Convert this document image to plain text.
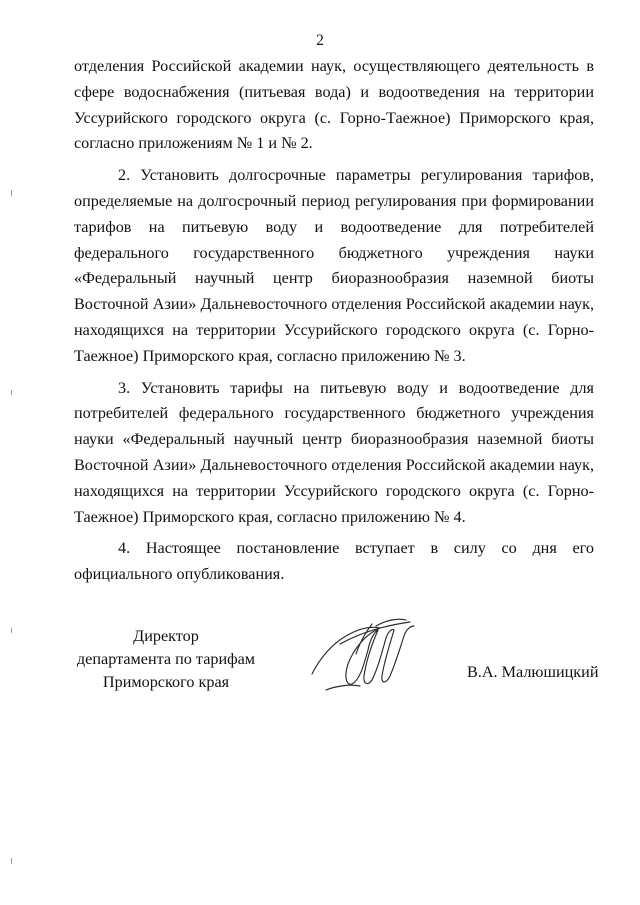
2

отделения Российской академии наук, осуществляющего деятельность в сфере водоснабжения (питьевая вода) и водоотведения на территории Уссурийского городского округа (с. Горно-Таежное) Приморского края, согласно приложениям № 1 и № 2.

2. Установить долгосрочные параметры регулирования тарифов, определяемые на долгосрочный период регулирования при формировании тарифов на питьевую воду и водоотведение для потребителей федерального государственного бюджетного учреждения науки «Федеральный научный центр биоразнообразия наземной биоты Восточной Азии» Дальневосточного отделения Российской академии наук, находящихся на территории Уссурийского городского округа (с. Горно-Таежное) Приморского края, согласно приложению № 3.

3. Установить тарифы на питьевую воду и водоотведение для потребителей федерального государственного бюджетного учреждения науки «Федеральный научный центр биоразнообразия наземной биоты Восточной Азии» Дальневосточного отделения Российской академии наук, находящихся на территории Уссурийского городского округа (с. Горно-Таежное) Приморского края, согласно приложению № 4.

4. Настоящее постановление вступает в силу со дня его официального опубликования.

Директор
департамента по тарифам
Приморского края
В.А. Малюшицкий
